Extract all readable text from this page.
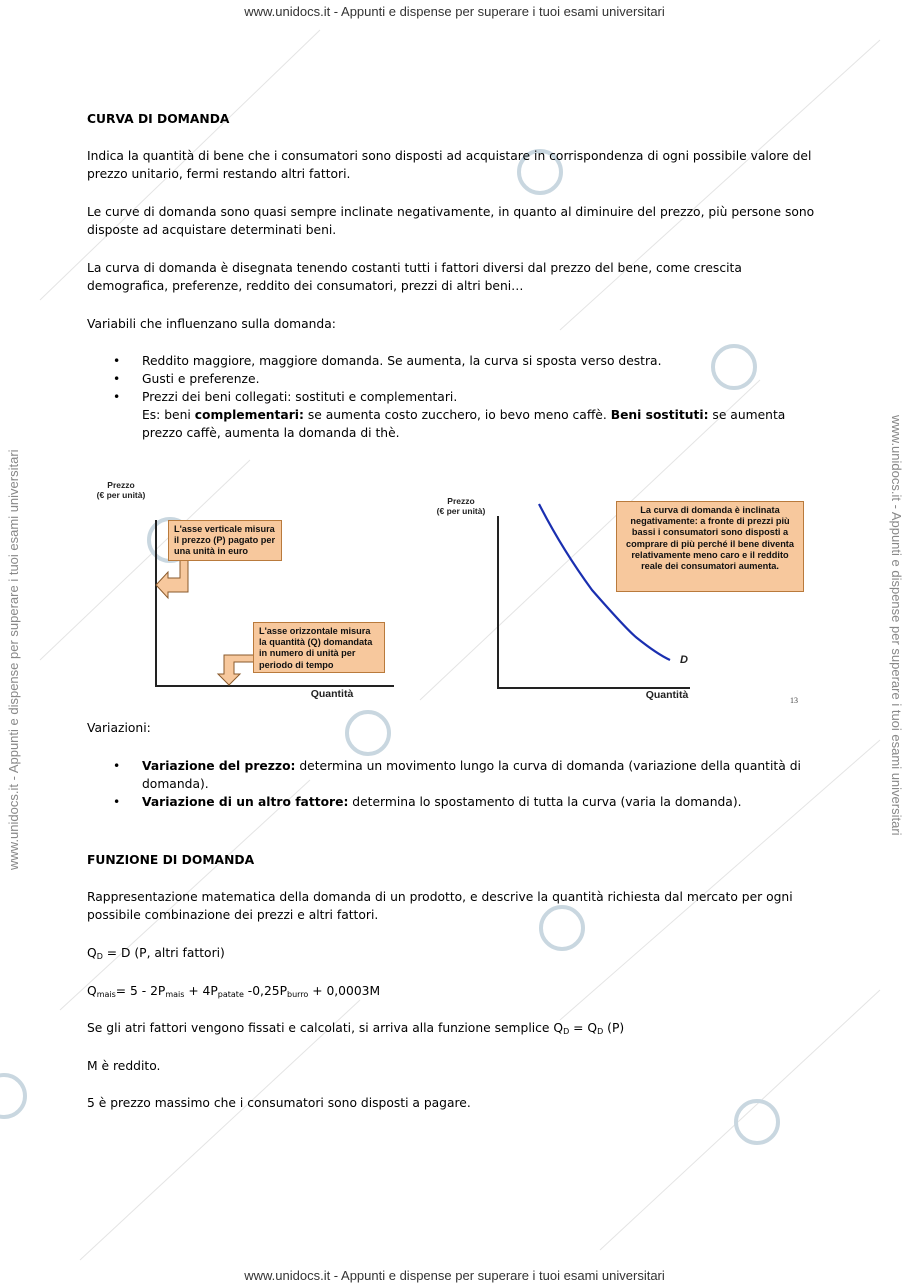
www.unidocs.it - Appunti e dispense per superare i tuoi esami universitari
www.unidocs.it - Appunti e dispense per superare i tuoi esami universitari
www.unidocs.it - Appunti e dispense per superare i tuoi esami universitari	www.unidocs.it - Appunti e dispense per superare i tuoi esami universitari
CURVA DI DOMANDA
Indica la quantità di bene che i consumatori sono disposti ad acquistare in corrispondenza di ogni possibile valore del prezzo unitario, fermi restando altri fattori.
Le curve di domanda sono quasi sempre inclinate negativamente, in quanto al diminuire del prezzo, più persone sono disposte ad acquistare determinati beni.
La curva di domanda è disegnata tenendo costanti tutti i fattori diversi dal prezzo del bene, come crescita demografica, preferenze, reddito dei consumatori, prezzi di altri beni…
Variabili che influenzano sulla domanda:
• Reddito maggiore, maggiore domanda. Se aumenta, la curva si sposta verso destra.
• Gusti e preferenze.
• Prezzi dei beni collegati: sostituti e complementari.
Es: beni complementari: se aumenta costo zucchero, io bevo meno caffè. Beni sostituti: se aumenta prezzo caffè, aumenta la domanda di thè.
Variazioni:
• Variazione del prezzo: determina un movimento lungo la curva di domanda (variazione della quantità di domanda).
• Variazione di un altro fattore: determina lo spostamento di tutta la curva (varia la domanda).
FUNZIONE DI DOMANDA
Rappresentazione matematica della domanda di un prodotto, e descrive la quantità richiesta dal mercato per ogni possibile combinazione dei prezzi e altri fattori.
$Q_D = D$ (P, altri fattori)
$Q_{mais}= 5 - 2P_{mais} + 4P_{patate}$ $-0,25P_{burro} + 0,0003M$
Se gli atri fattori vengono fissati e calcolati, si arriva alla funzione semplice $Q_D = Q_D$ (P)
M è reddito.
5 è prezzo massimo che i consumatori sono disposti a pagare.
Prezzo
(€ per unità)
Quantità
L'asse verticale misura il prezzo (P) pagato per una unità in euro
L'asse orizzontale misura la quantità (Q) domandata in numero di unità per periodo di tempo
Prezzo
(€ per unità)
Quantità
D
La curva di domanda è inclinata negativamente: a fronte di prezzi più bassi i consumatori sono disposti a comprare di più perché il bene diventa relativamente meno caro e il reddito reale dei consumatori aumenta.
13
